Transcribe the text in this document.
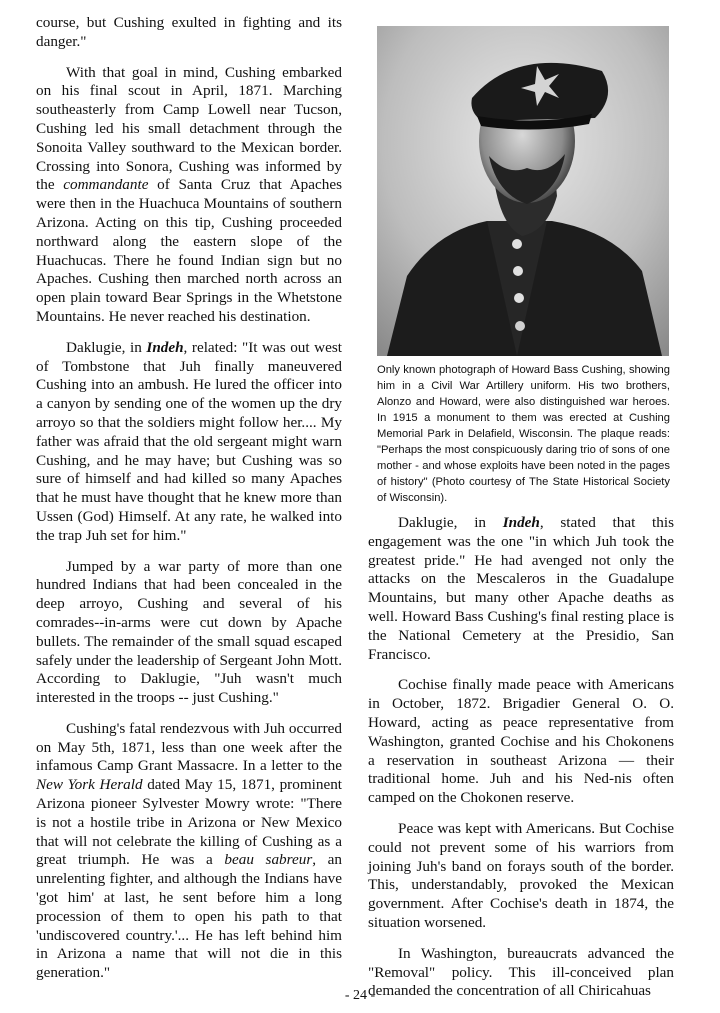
course, but Cushing exulted in fighting and its danger."

With that goal in mind, Cushing embarked on his final scout in April, 1871. Marching southeasterly from Camp Lowell near Tucson, Cushing led his small detachment through the Sonoita Valley southward to the Mexican border. Crossing into Sonora, Cushing was informed by the commandante of Santa Cruz that Apaches were then in the Huachuca Mountains of southern Arizona. Acting on this tip, Cushing proceeded northward along the eastern slope of the Huachucas. There he found Indian sign but no Apaches. Cushing then marched north across an open plain toward Bear Springs in the Whetstone Mountains. He never reached his destination.

Daklugie, in Indeh, related: "It was out west of Tombstone that Juh finally maneuvered Cushing into an ambush. He lured the officer into a canyon by sending one of the women up the dry arroyo so that the soldiers might follow her.... My father was afraid that the old sergeant might warn Cushing, and he may have; but Cushing was so sure of himself and had killed so many Apaches that he must have thought that he knew more than Ussen (God) Himself. At any rate, he walked into the trap Juh set for him."

Jumped by a war party of more than one hundred Indians that had been concealed in the deep arroyo, Cushing and several of his comrades--in-arms were cut down by Apache bullets. The remainder of the small squad escaped safely under the leadership of Sergeant John Mott. According to Daklugie, "Juh wasn't much interested in the troops -- just Cushing."

Cushing's fatal rendezvous with Juh occurred on May 5th, 1871, less than one week after the infamous Camp Grant Massacre. In a letter to the New York Herald dated May 15, 1871, prominent Arizona pioneer Sylvester Mowry wrote: "There is not a hostile tribe in Arizona or New Mexico that will not celebrate the killing of Cushing as a great triumph. He was a beau sabreur, an unrelenting fighter, and although the Indians have 'got him' at last, he sent before him a long procession of them to open his path to that 'undiscovered country.'... He has left behind him in Arizona a name that will not die in this generation."

Only known photograph of Howard Bass Cushing, showing him in a Civil War Artillery uniform. His two brothers, Alonzo and Howard, were also distinguished war heroes. In 1915 a monument to them was erected at Cushing Memorial Park in Delafield, Wisconsin. The plaque reads: "Perhaps the most conspicuously daring trio of sons of one mother - and whose exploits have been noted in the pages of history" (Photo courtesy of The State Historical Society of Wisconsin).

Daklugie, in Indeh, stated that this engagement was the one "in which Juh took the greatest pride." He had avenged not only the attacks on the Mescaleros in the Guadalupe Mountains, but many other Apache deaths as well. Howard Bass Cushing's final resting place is the National Cemetery at the Presidio, San Francisco.

Cochise finally made peace with Americans in October, 1872. Brigadier General O. O. Howard, acting as peace representative from Washington, granted Cochise and his Chokonens a reservation in southeast Arizona — their traditional home. Juh and his Ned-nis often camped on the Chokonen reserve.

Peace was kept with Americans. But Cochise could not prevent some of his warriors from joining Juh's band on forays south of the border. This, understandably, provoked the Mexican government. After Cochise's death in 1874, the situation worsened.

In Washington, bureaucrats advanced the "Removal" policy. This ill-conceived plan demanded the concentration of all Chiricahuas

- 24 -
